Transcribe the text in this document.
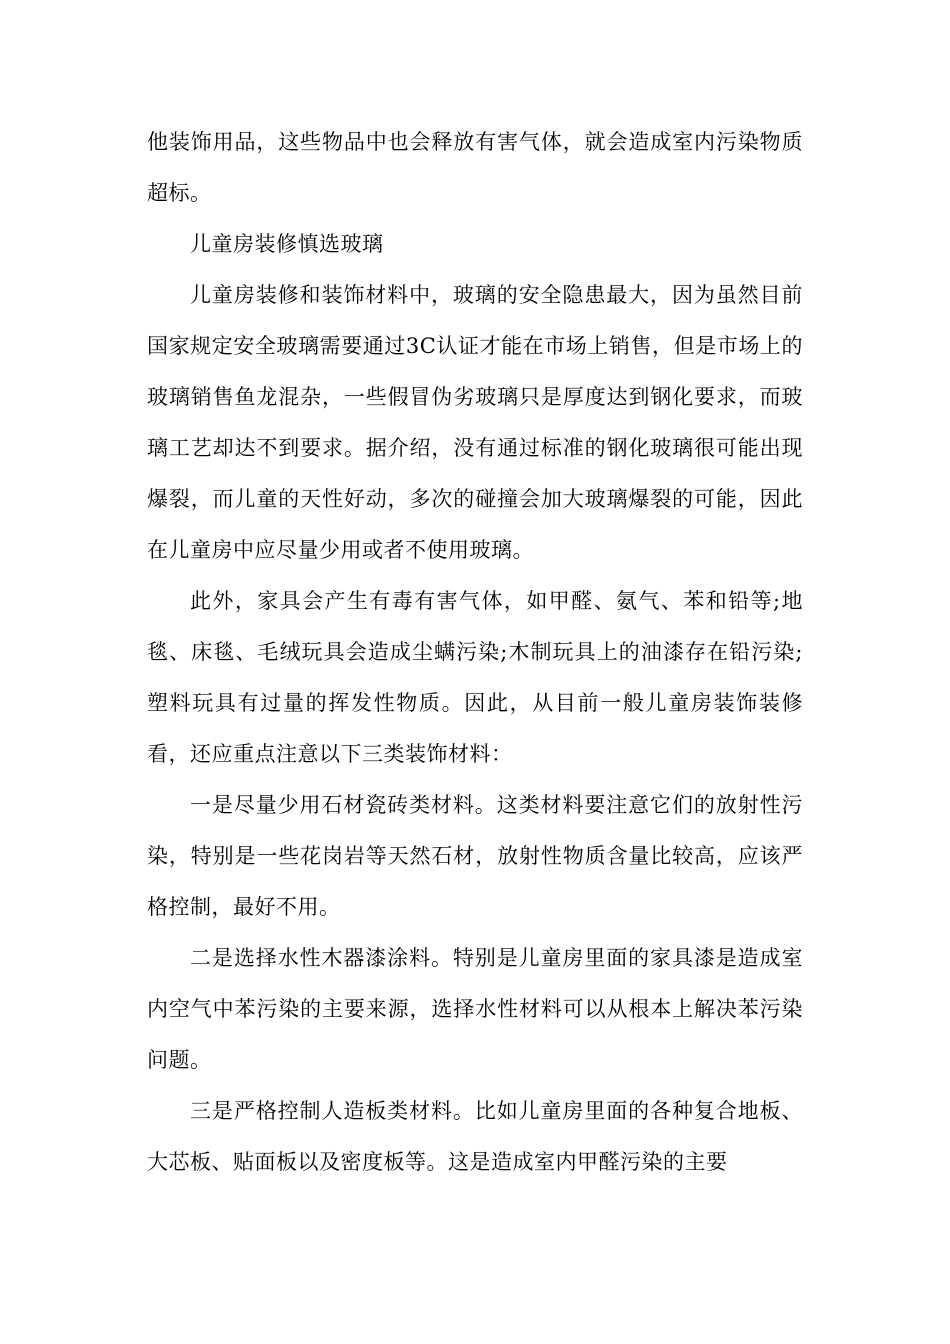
他装饰用品，这些物品中也会释放有害气体，就会造成室内污染物质超标。

儿童房装修慎选玻璃

儿童房装修和装饰材料中，玻璃的安全隐患最大，因为虽然目前国家规定安全玻璃需要通过3C认证才能在市场上销售，但是市场上的玻璃销售鱼龙混杂，一些假冒伪劣玻璃只是厚度达到钢化要求，而玻璃工艺却达不到要求。据介绍，没有通过标准的钢化玻璃很可能出现爆裂，而儿童的天性好动，多次的碰撞会加大玻璃爆裂的可能，因此在儿童房中应尽量少用或者不使用玻璃。

此外，家具会产生有毒有害气体，如甲醛、氨气、苯和铅等;地毯、床毯、毛绒玩具会造成尘螨污染;木制玩具上的油漆存在铅污染;塑料玩具有过量的挥发性物质。因此，从目前一般儿童房装饰装修看，还应重点注意以下三类装饰材料：

一是尽量少用石材瓷砖类材料。这类材料要注意它们的放射性污染，特别是一些花岗岩等天然石材，放射性物质含量比较高，应该严格控制，最好不用。

二是选择水性木器漆涂料。特别是儿童房里面的家具漆是造成室内空气中苯污染的主要来源，选择水性材料可以从根本上解决苯污染问题。

三是严格控制人造板类材料。比如儿童房里面的各种复合地板、大芯板、贴面板以及密度板等。这是造成室内甲醛污染的主要
